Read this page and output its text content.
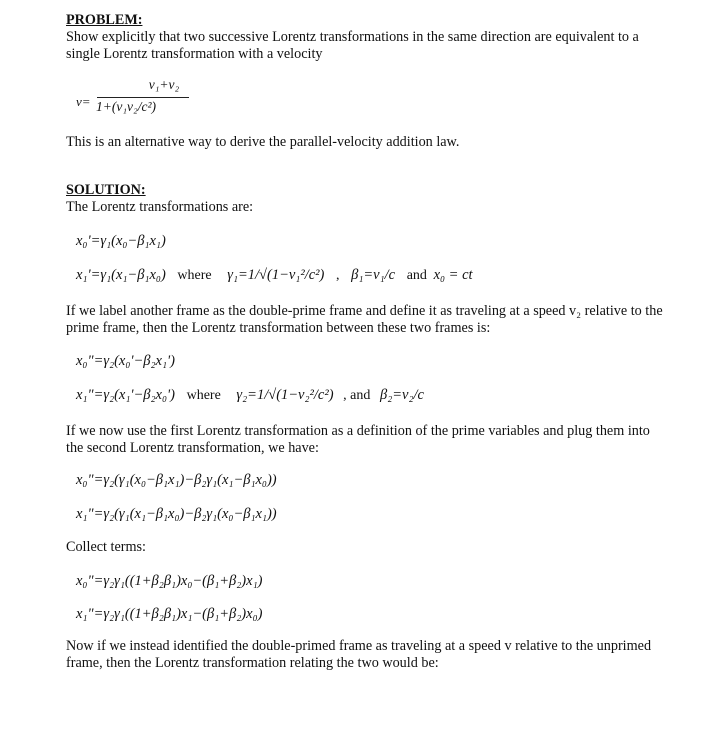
PROBLEM:
Show explicitly that two successive Lorentz transformations in the same direction are equivalent to a single Lorentz transformation with a velocity
v=
v₁+v₂
1+(v₁v₂/c²)
This is an alternative way to derive the parallel-velocity addition law.
SOLUTION:
The Lorentz transformations are:
x₀'=γ₁(x₀−β₁x₁)
x₁'=γ₁(x₁−β₁x₀) where γ₁=1/√(1−v₁²/c²) , β₁=v₁/c and x₀ = ct
If we label another frame as the double-prime frame and define it as traveling at a speed v₂ relative to the prime frame, then the Lorentz transformation between these two frames is:
x₀"=γ₂(x₀'−β₂x₁')
x₁"=γ₂(x₁'−β₂x₀') where γ₂=1/√(1−v₂²/c²) , and β₂=v₂/c
If we now use the first Lorentz transformation as a definition of the prime variables and plug them into the second Lorentz transformation, we have:
x₀"=γ₂(γ₁(x₀−β₁x₁)−β₂γ₁(x₁−β₁x₀))
x₁"=γ₂(γ₁(x₁−β₁x₀)−β₂γ₁(x₀−β₁x₁))
Collect terms:
x₀"=γ₂γ₁((1+β₂β₁)x₀−(β₁+β₂)x₁)
x₁"=γ₂γ₁((1+β₂β₁)x₁−(β₁+β₂)x₀)
Now if we instead identified the double-primed frame as traveling at a speed v relative to the unprimed frame, then the Lorentz transformation relating the two would be:
